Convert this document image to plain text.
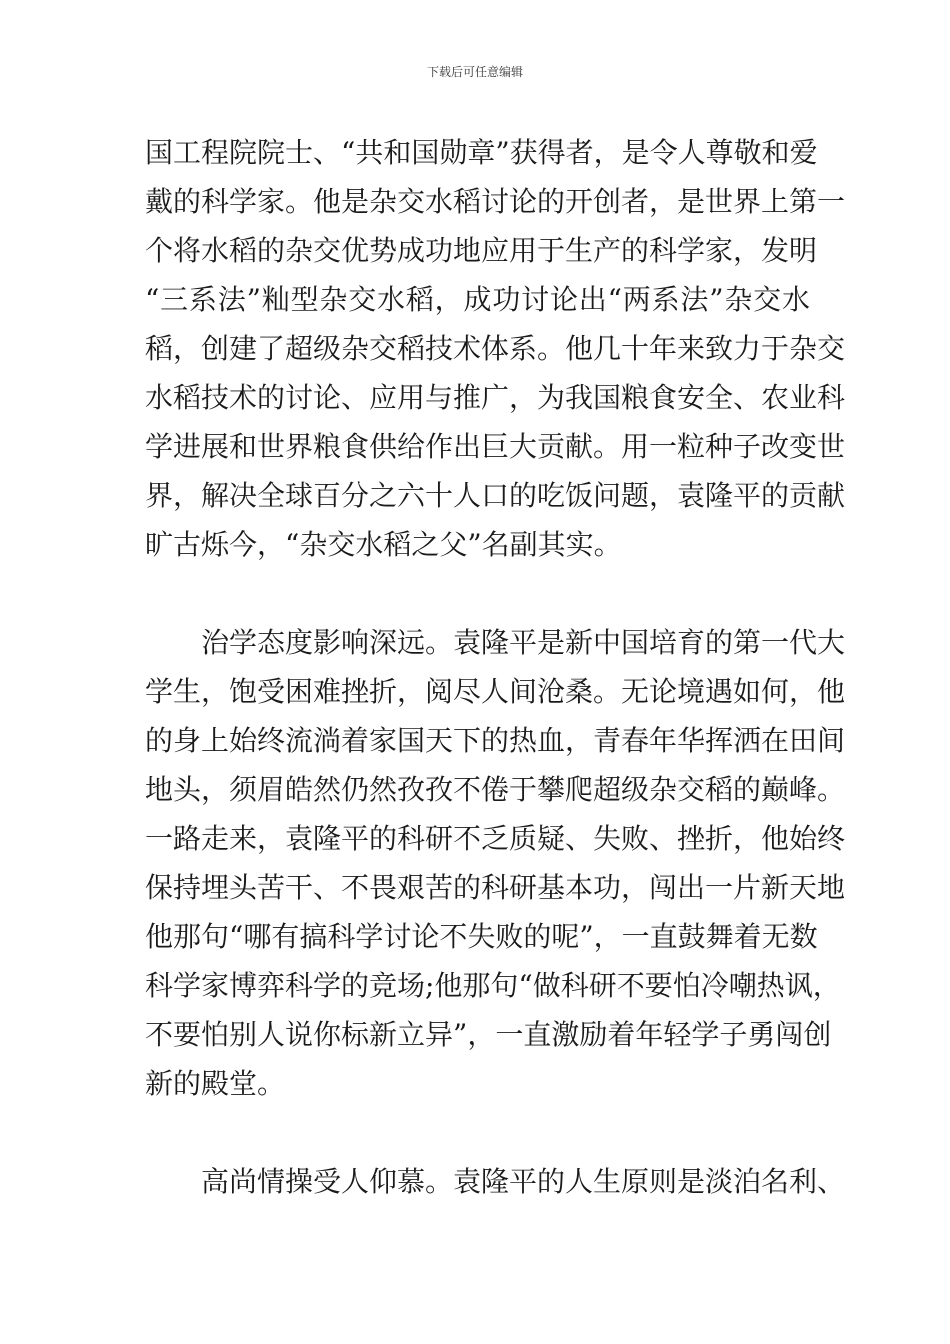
下载后可任意编辑
国工程院院士、“共和国勋章”获得者，是令人尊敬和爱
戴的科学家。他是杂交水稻讨论的开创者，是世界上第一
个将水稻的杂交优势成功地应用于生产的科学家，发明
“三系法”籼型杂交水稻，成功讨论出“两系法”杂交水
稻，创建了超级杂交稻技术体系。他几十年来致力于杂交
水稻技术的讨论、应用与推广，为我国粮食安全、农业科
学进展和世界粮食供给作出巨大贡献。用一粒种子改变世
界，解决全球百分之六十人口的吃饭问题，袁隆平的贡献
旷古烁今，“杂交水稻之父”名副其实。
治学态度影响深远。袁隆平是新中国培育的第一代大
学生，饱受困难挫折，阅尽人间沧桑。无论境遇如何，他
的身上始终流淌着家国天下的热血，青春年华挥洒在田间
地头，须眉皓然仍然孜孜不倦于攀爬超级杂交稻的巅峰。
一路走来，袁隆平的科研不乏质疑、失败、挫折，他始终
保持埋头苦干、不畏艰苦的科研基本功，闯出一片新天地
他那句“哪有搞科学讨论不失败的呢”，一直鼓舞着无数
科学家博弈科学的竞场;他那句“做科研不要怕冷嘲热讽，
不要怕别人说你标新立异”，一直激励着年轻学子勇闯创
新的殿堂。
高尚情操受人仰慕。袁隆平的人生原则是淡泊名利、
